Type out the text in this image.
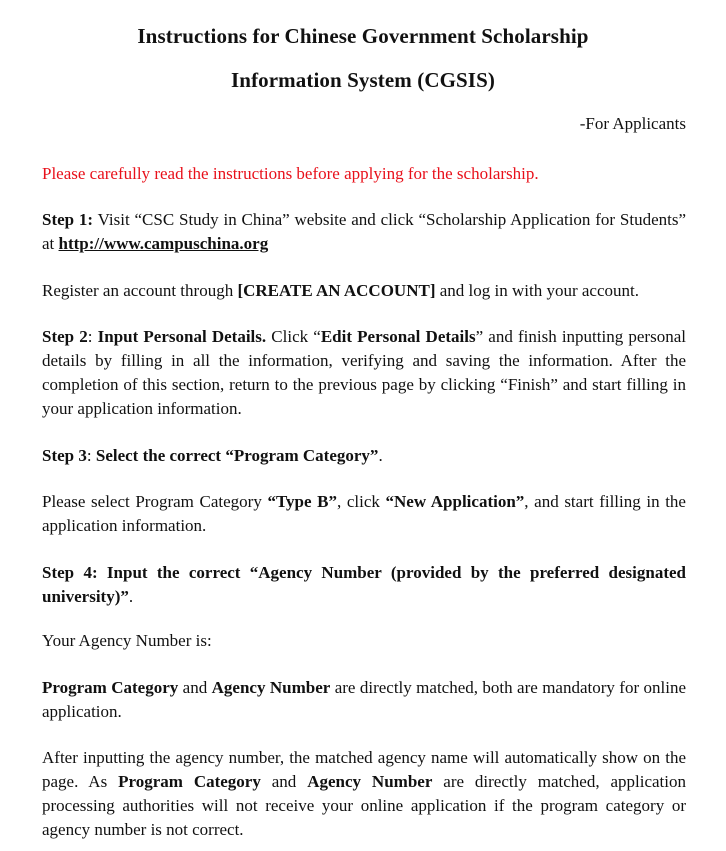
Instructions for Chinese Government Scholarship
Information System (CGSIS)
-For Applicants

Please carefully read the instructions before applying for the scholarship.

Step 1: Visit “CSC Study in China” website and click “Scholarship Application for Students” at http://www.campuschina.org

Register an account through [CREATE AN ACCOUNT] and log in with your account.

Step 2: Input Personal Details. Click “Edit Personal Details” and finish inputting personal details by filling in all the information, verifying and saving the information. After the completion of this section, return to the previous page by clicking “Finish” and start filling in your application information.

Step 3: Select the correct “Program Category”.

Please select Program Category “Type B”, click “New Application”, and start filling in the application information.

Step 4: Input the correct “Agency Number (provided by the preferred designated university)”.

Your Agency Number is:

Program Category and Agency Number are directly matched, both are mandatory for online application.

After inputting the agency number, the matched agency name will automatically show on the page. As Program Category and Agency Number are directly matched, application processing authorities will not receive your online application if the program category or agency number is not correct.
